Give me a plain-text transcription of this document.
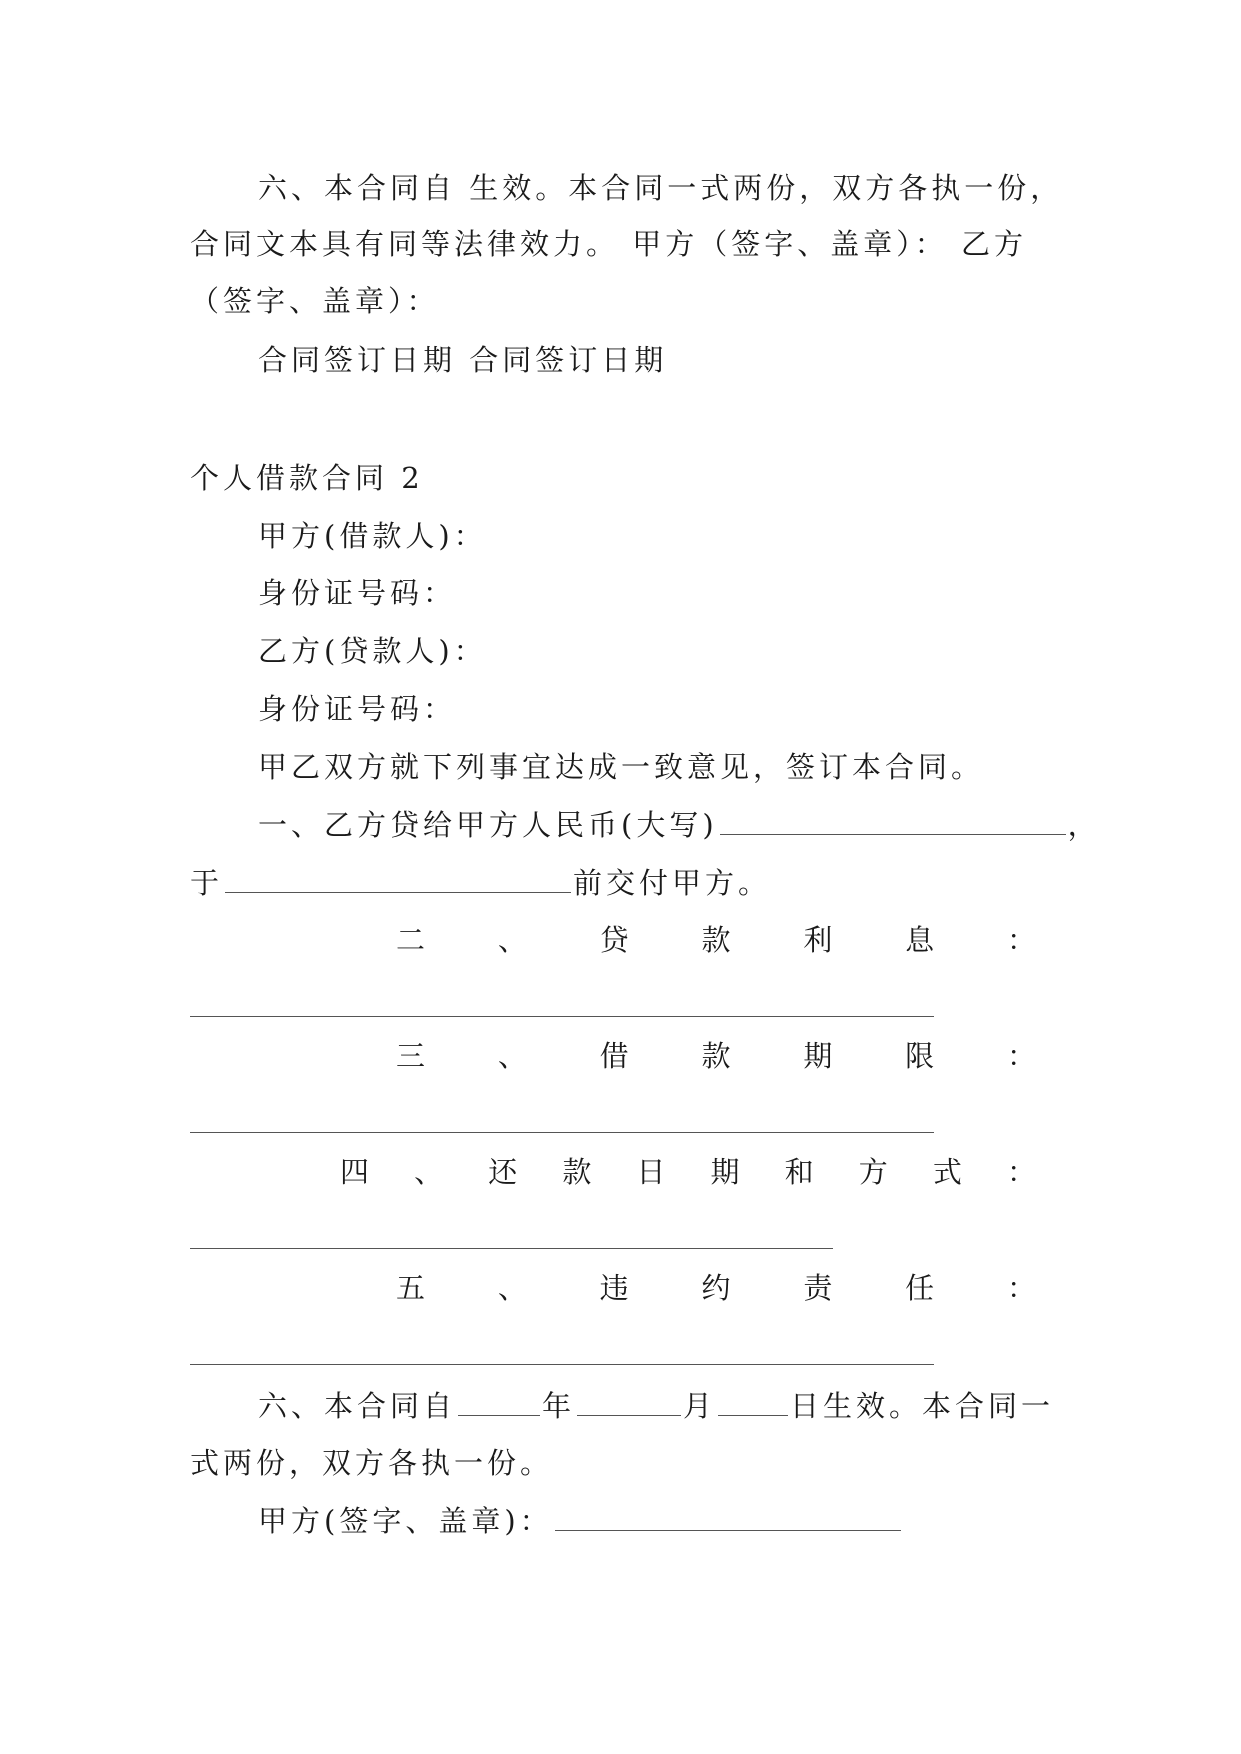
六、本合同自 生效。本合同一式两份，双方各执一份，
合同文本具有同等法律效力。 甲方（签字、盖章）： 乙方
（签字、盖章）：
合同签订日期 合同签订日期
个人借款合同 2
甲方(借款人)：
身份证号码：
乙方(贷款人)：
身份证号码：
甲乙双方就下列事宜达成一致意见，签订本合同。
一、乙方贷给甲方人民币(大写)	，
于	前交付甲方。
二	、	贷	款	利	息	：
三	、	借	款	期	限	：
四 、 还 款 日 期 和 方 式 ：
五	、	违	约	责	任	：
六、本合同自	年	月	日生效。本合同一
式两份，双方各执一份。
甲方(签字、盖章)：
